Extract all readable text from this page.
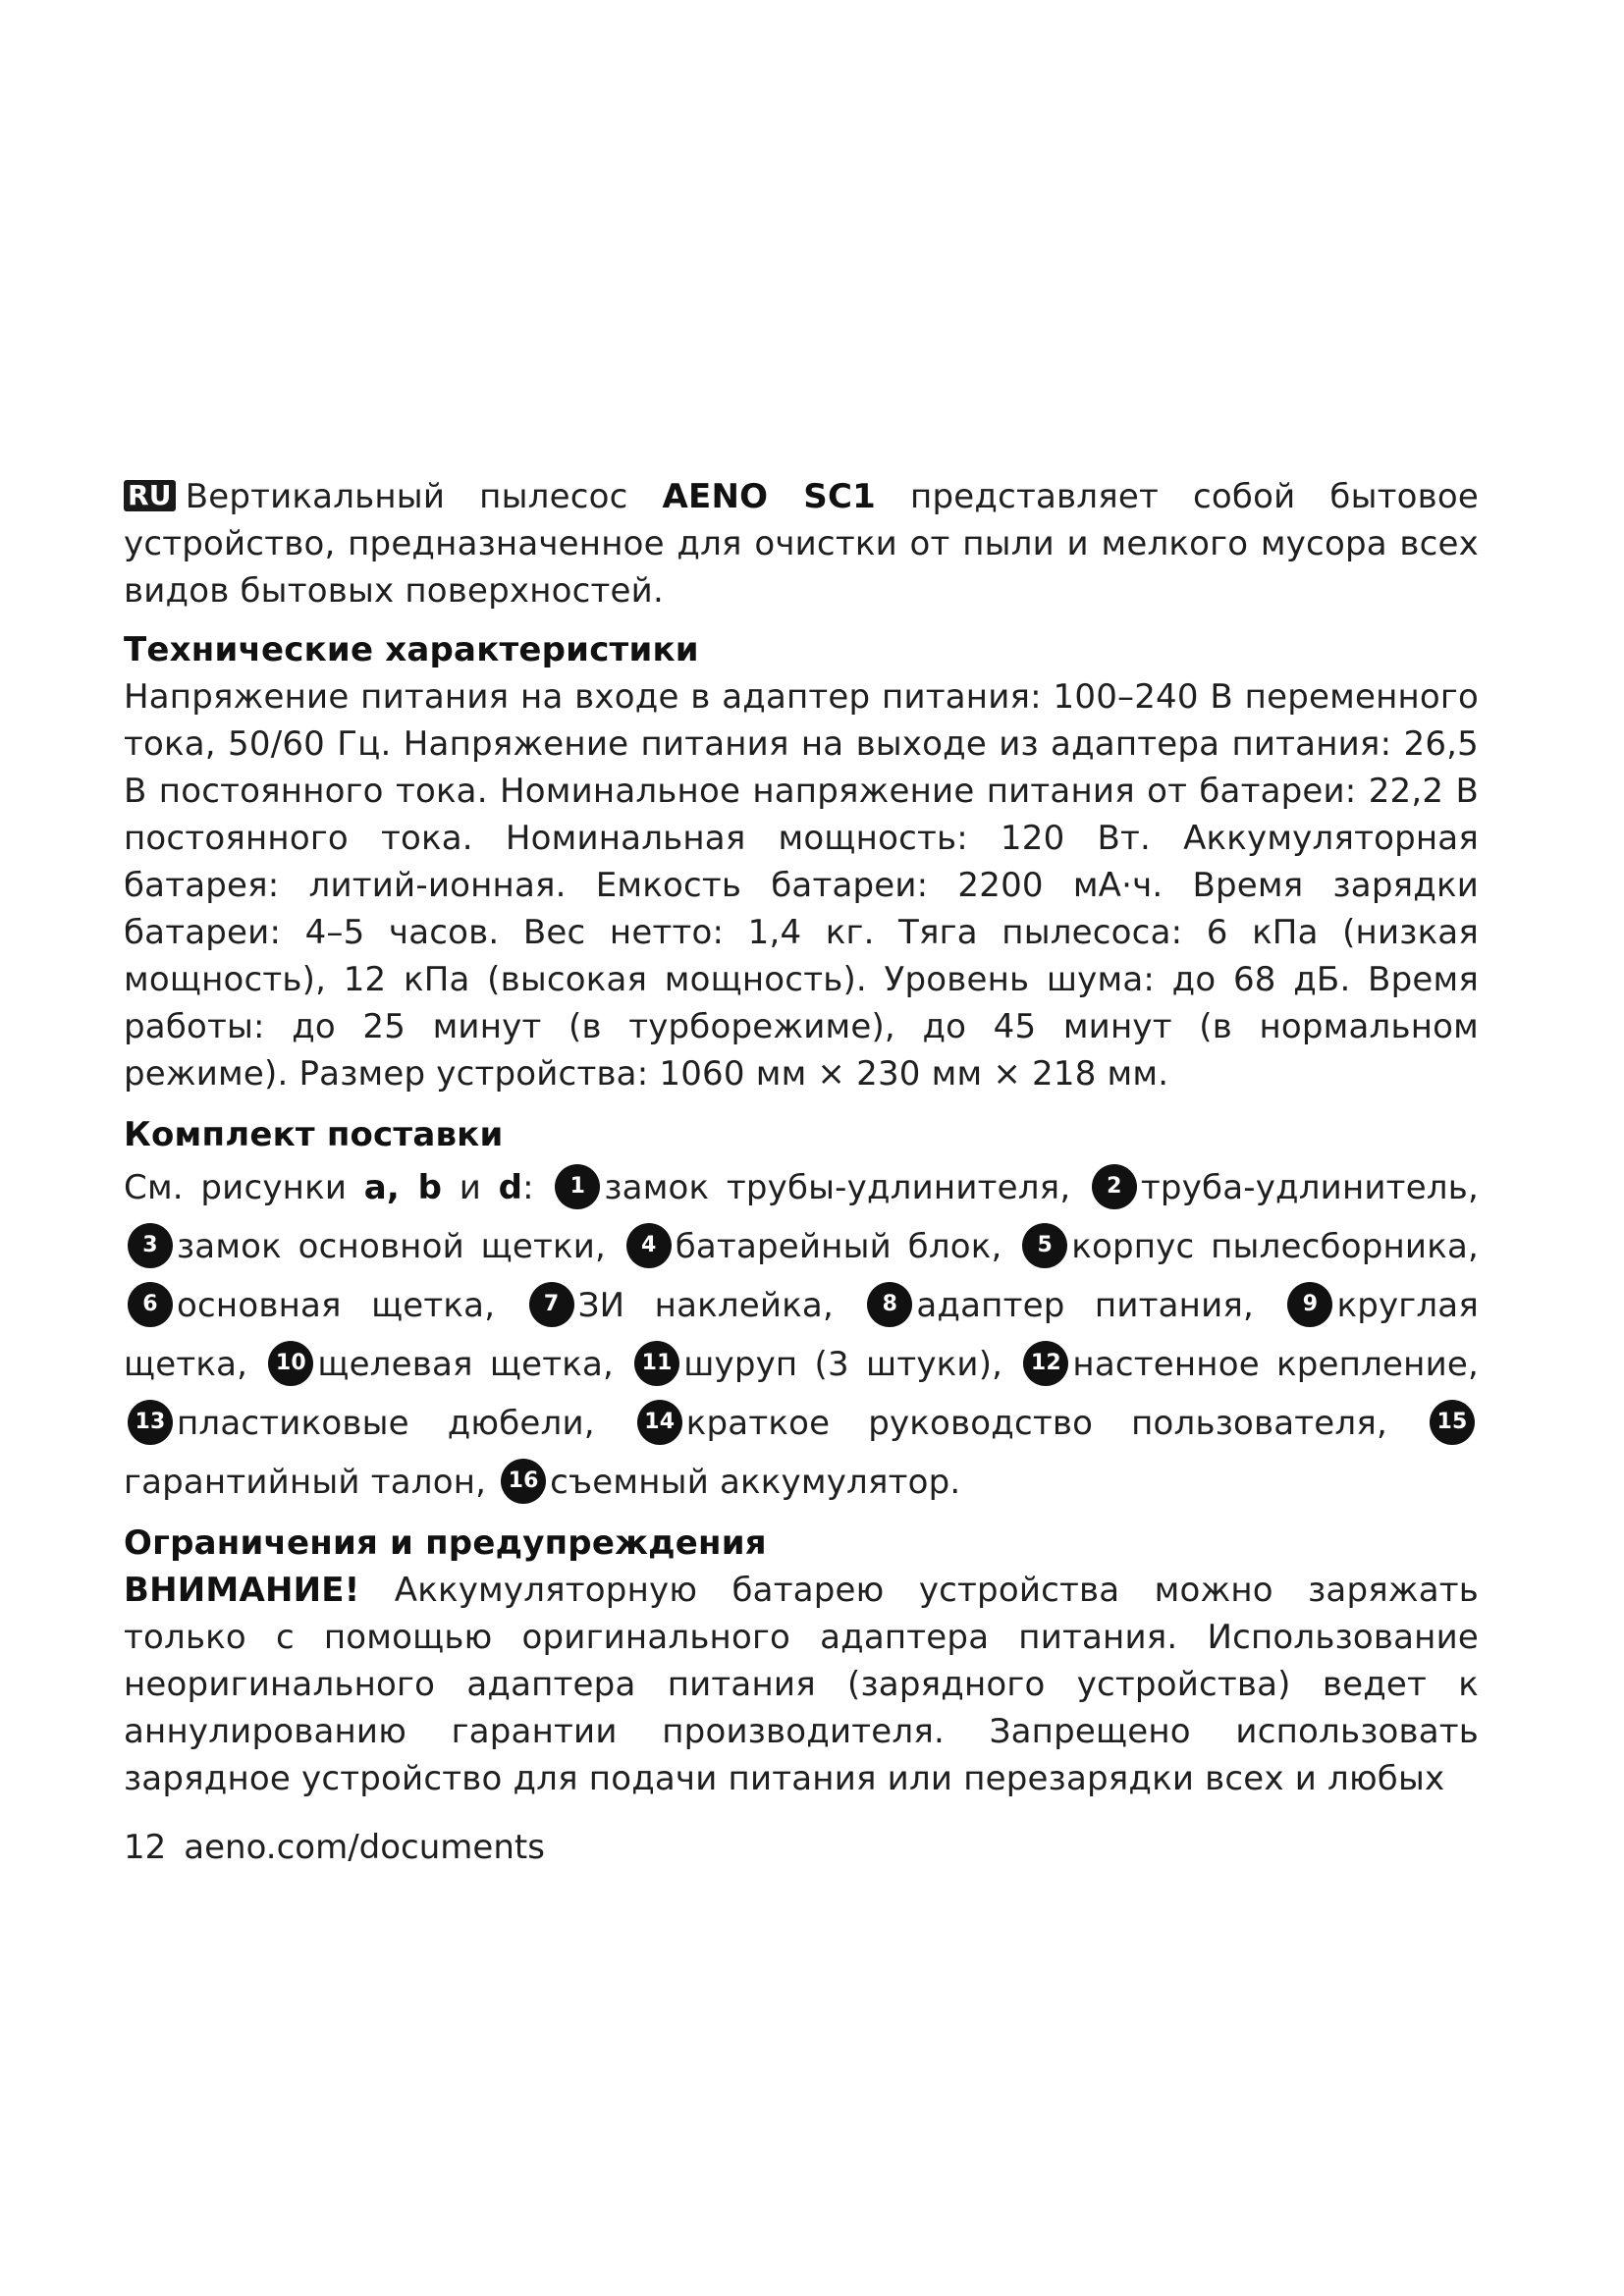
RU Вертикальный пылесос AENO SC1 представляет собой бытовое устройство, предназначенное для очистки от пыли и мелкого мусора всех видов бытовых поверхностей.

Технические характеристики

Напряжение питания на входе в адаптер питания: 100–240 В переменного тока, 50/60 Гц. Напряжение питания на выходе из адаптера питания: 26,5 В постоянного тока. Номинальное напряжение питания от батареи: 22,2 В постоянного тока. Номинальная мощность: 120 Вт. Аккумуляторная батарея: литий-ионная. Емкость батареи: 2200 мА·ч. Время зарядки батареи: 4–5 часов. Вес нетто: 1,4 кг. Тяга пылесоса: 6 кПа (низкая мощность), 12 кПа (высокая мощность). Уровень шума: до 68 дБ. Время работы: до 25 минут (в турборежиме), до 45 минут (в нормальном режиме). Размер устройства: 1060 мм × 230 мм × 218 мм.

Комплект поставки

См. рисунки a, b и d: 1 замок трубы-удлинителя, 2 труба-удлинитель, 3 замок основной щетки, 4 батарейный блок, 5 корпус пылесборника, 6 основная щетка, 7 ЗИ наклейка, 8 адаптер питания, 9 круглая щетка, 10 щелевая щетка, 11 шуруп (3 штуки), 12 настенное крепление, 13 пластиковые дюбели, 14 краткое руководство пользователя, 15гарантийный талон, 16 съемный аккумулятор.

Ограничения и предупреждения

ВНИМАНИЕ! Аккумуляторную батарею устройства можно заряжать только с помощью оригинального адаптера питания. Использование неоригинального адаптера питания (зарядного устройства) ведет к аннулированию гарантии производителя. Запрещено использовать зарядное устройство для подачи питания или перезарядки всех и любых

12 aeno.com/documents
